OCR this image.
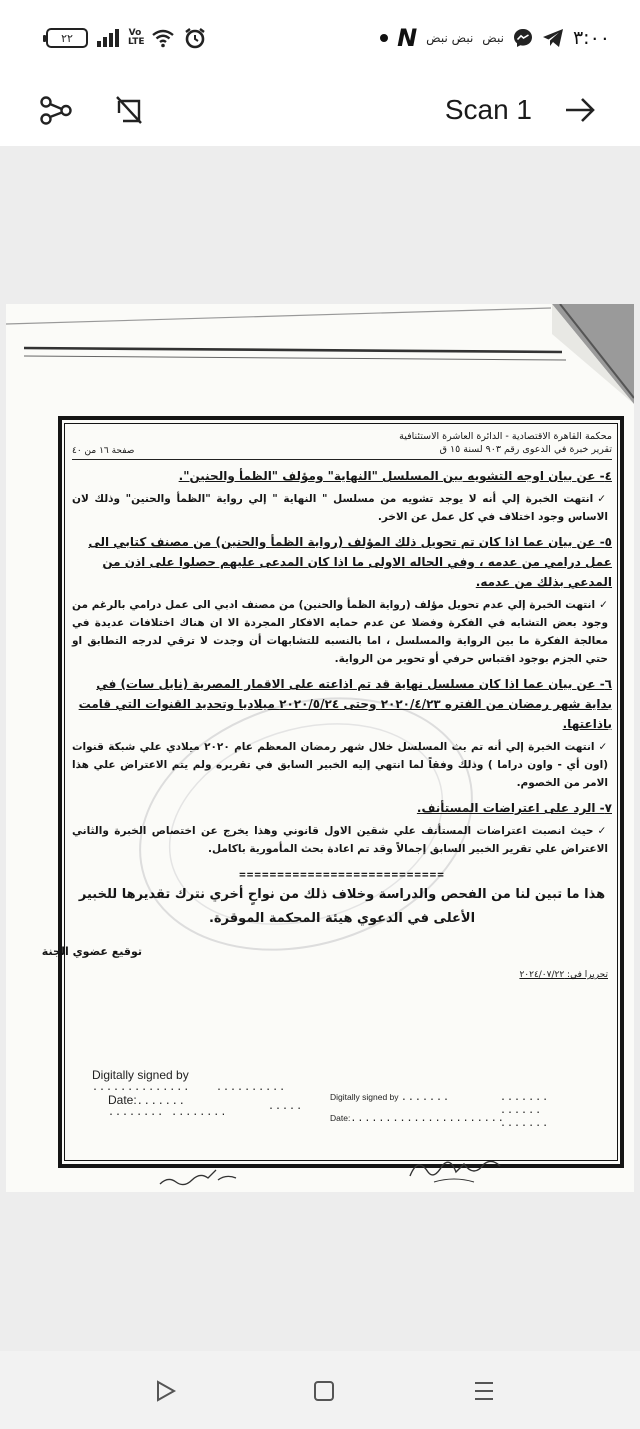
٢٢	Vo LTE	N نبض نبض نبض	٣:٠٠
Scan 1
محكمة القاهرة الاقتصادية - الدائرة العاشرة الاستئنافية
تقرير خبرة في الدعوى رقم ٩٠٣ لسنة ١٥ ق
صفحة ١٦ من ٤٠
٤- عن بيان اوجه التشويه بين المسلسل "النهاية" ومؤلف "الظمأ والحنين".
✓انتهت الخبرة إلي أنه لا يوجد تشويه من مسلسل " النهاية " إلي رواية "الظمأ والحنين" وذلك لان الاساس وجود اختلاف في كل عمل عن الاخر.
٥- عن بيان عما اذا كان تم تحويل ذلك المؤلف (رواية الظمأ والحنين) من مصنف كتابي الى عمل درامي من عدمه ، وفي الحاله الاولى ما اذا كان المدعى عليهم حصلوا على اذن من المدعي بذلك من عدمه.
✓انتهت الخبرة إلي عدم تحويل مؤلف (رواية الظمأ والحنين) من مصنف ادبي الى عمل درامي بالرغم من وجود بعض التشابه في الفكرة وفضلا عن عدم حمايه الافكار المجردة الا ان هناك اختلافات عديدة في معالجة الفكرة ما بين الرواية والمسلسل ، اما بالنسبه للتشابهات أن وجدت لا ترقي لدرجه التطابق او حتي الجزم بوجود اقتباس حرفي أو تحوير من الرواية.
٦- عن بيان عما اذا كان مسلسل نهاية قد تم اذاعته على الاقمار المصرية (نايل سات) في بداية شهر رمضان من الفتره ٢٠٢٠/٤/٢٣ وحتى ٢٠٢٠/٥/٢٤ ميلاديا وتحديد القنوات التي قامت باذاعتها.
✓انتهت الخبرة إلي أنه تم بث المسلسل خلال شهر رمضان المعظم عام ٢٠٢٠ ميلادي علي شبكة قنوات (اون أي - واون دراما ) وذلك وفقاً لما انتهي إليه الخبير السابق في تقريره ولم يتم الاعتراض علي هذا الامر من الخصوم.
٧- الرد على اعتراضات المستأنف.
✓حيث انصبت اعتراضات المستأنف علي شقين الاول قانوني وهذا يخرج عن اختصاص الخبرة والثاني الاعتراض علي تقرير الخبير السابق إجمالاً وقد تم اعادة بحث المأمورية باكامل.
===========================
هذا ما تبين لنا من الفحص والدراسة وخلاف ذلك من نواحٍ أخري نترك تقديرها للخبير الأعلى في الدعوي هيئة المحكمة الموقرة.
توقيع عضوي الجنة
تحريرا في: ٢٠٢٤/٠٧/٢٢
Digitally signed by
..............
Date:.......
........ ........
..........
.....
Digitally signed by .......
Date:......................
.......
......
.......
